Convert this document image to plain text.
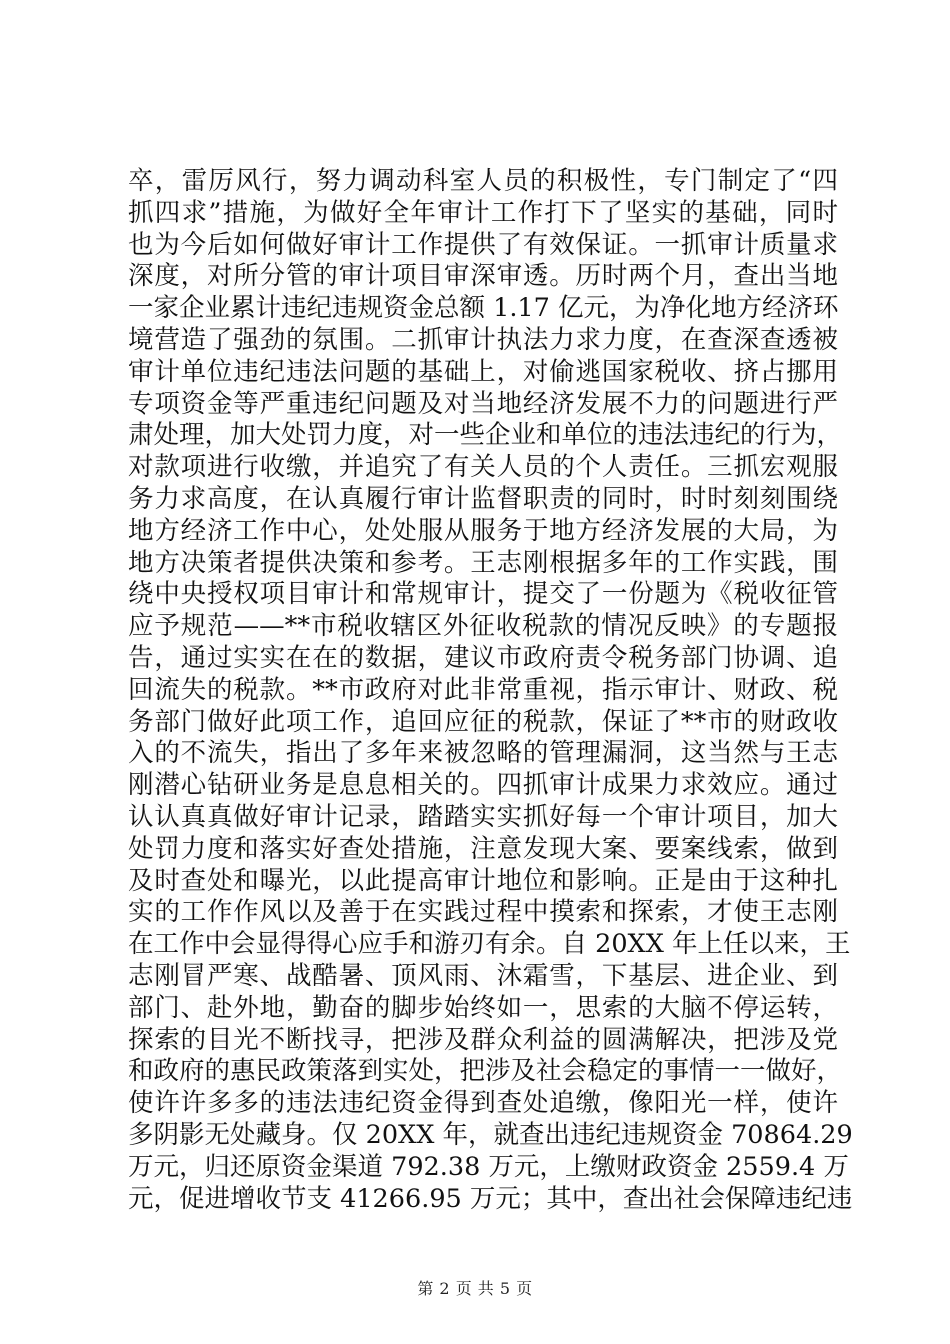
卒，雷厉风行，努力调动科室人员的积极性，专门制定了“四
抓四求”措施，为做好全年审计工作打下了坚实的基础，同时
也为今后如何做好审计工作提供了有效保证。一抓审计质量求
深度，对所分管的审计项目审深审透。历时两个月，查出当地
一家企业累计违纪违规资金总额 1.17 亿元，为净化地方经济环
境营造了强劲的氛围。二抓审计执法力求力度，在查深查透被
审计单位违纪违法问题的基础上，对偷逃国家税收、挤占挪用
专项资金等严重违纪问题及对当地经济发展不力的问题进行严
肃处理，加大处罚力度，对一些企业和单位的违法违纪的行为，
对款项进行收缴，并追究了有关人员的个人责任。三抓宏观服
务力求高度，在认真履行审计监督职责的同时，时时刻刻围绕
地方经济工作中心，处处服从服务于地方经济发展的大局，为
地方决策者提供决策和参考。王志刚根据多年的工作实践，围
绕中央授权项目审计和常规审计，提交了一份题为《税收征管
应予规范——**市税收辖区外征收税款的情况反映》的专题报
告，通过实实在在的数据，建议市政府责令税务部门协调、追
回流失的税款。**市政府对此非常重视，指示审计、财政、税
务部门做好此项工作，追回应征的税款，保证了**市的财政收
入的不流失，指出了多年来被忽略的管理漏洞，这当然与王志
刚潜心钻研业务是息息相关的。四抓审计成果力求效应。通过
认认真真做好审计记录，踏踏实实抓好每一个审计项目，加大
处罚力度和落实好查处措施，注意发现大案、要案线索，做到
及时查处和曝光，以此提高审计地位和影响。正是由于这种扎
实的工作作风以及善于在实践过程中摸索和探索，才使王志刚
在工作中会显得得心应手和游刃有余。自 20XX 年上任以来，王
志刚冒严寒、战酷暑、顶风雨、沐霜雪，下基层、进企业、到
部门、赴外地，勤奋的脚步始终如一，思索的大脑不停运转，
探索的目光不断找寻，把涉及群众利益的圆满解决，把涉及党
和政府的惠民政策落到实处，把涉及社会稳定的事情一一做好，
使许许多多的违法违纪资金得到查处追缴，像阳光一样，使许
多阴影无处藏身。仅 20XX 年，就查出违纪违规资金 70864.29
万元，归还原资金渠道 792.38 万元，上缴财政资金 2559.4 万
元，促进增收节支 41266.95 万元；其中，查出社会保障违纪违
第 2 页 共 5 页
